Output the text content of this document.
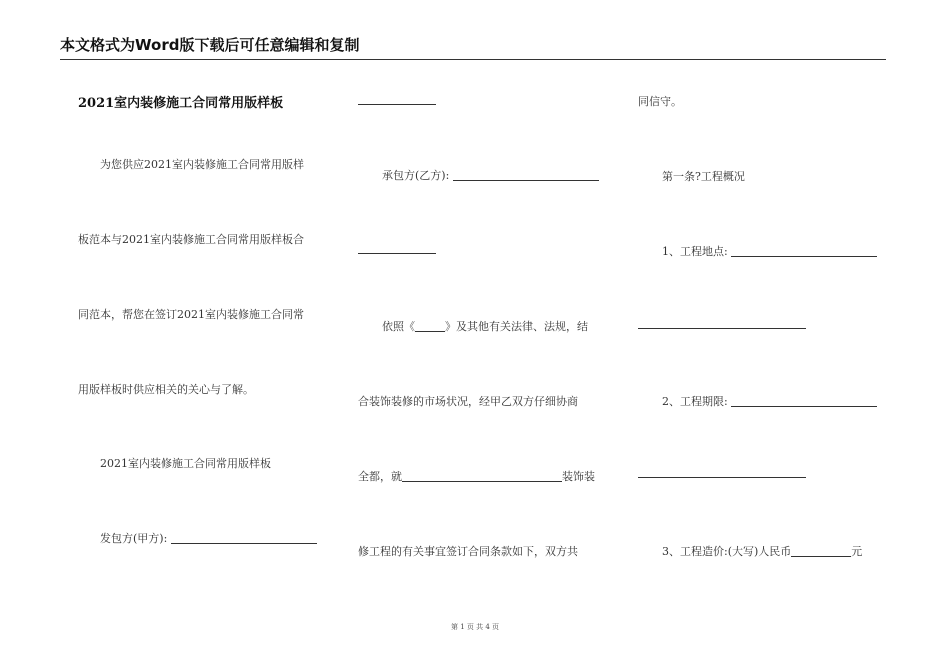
本文格式为Word版下载后可任意编辑和复制
2021室内装修施工合同常用版样板
为您供应2021室内装修施工合同常用版样
板范本与2021室内装修施工合同常用版样板合
同范本，帮您在签订2021室内装修施工合同常
用版样板时供应相关的关心与了解。
2021室内装修施工合同常用版样板
发包方(甲方):
承包方(乙方):
依照《	》及其他有关法律、法规，结
合装饰装修的市场状况，经甲乙双方仔细协商
全都，就	装饰装
修工程的有关事宜签订合同条款如下，双方共
同信守。
第一条?工程概况
1、工程地点:
2、工程期限:
3、工程造价:(大写)人民币	元
第 1 页 共 4 页
